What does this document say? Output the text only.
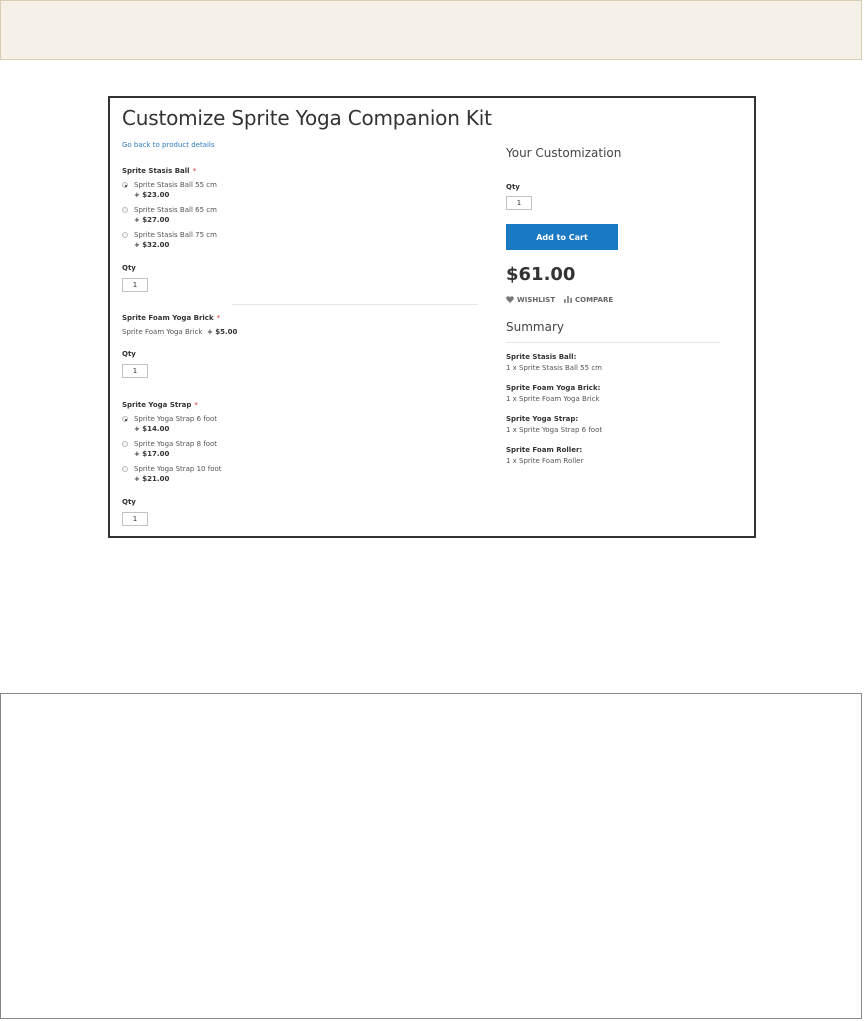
Customize Sprite Yoga Companion Kit
Go back to product details
Sprite Stasis Ball *
Sprite Stasis Ball 55 cm
+ $23.00
Sprite Stasis Ball 65 cm
+ $27.00
Sprite Stasis Ball 75 cm
+ $32.00
Qty
1
Sprite Foam Yoga Brick *
Sprite Foam Yoga Brick + $5.00
Qty
1
Sprite Yoga Strap *
Sprite Yoga Strap 6 foot
+ $14.00
Sprite Yoga Strap 8 foot
+ $17.00
Sprite Yoga Strap 10 foot
+ $21.00
Qty
1
Your Customization
Qty
1
Add to Cart
$61.00
WISHLIST	COMPARE
Summary
Sprite Stasis Ball:
1 x Sprite Stasis Ball 55 cm
Sprite Foam Yoga Brick:
1 x Sprite Foam Yoga Brick
Sprite Yoga Strap:
1 x Sprite Yoga Strap 6 foot
Sprite Foam Roller:
1 x Sprite Foam Roller
